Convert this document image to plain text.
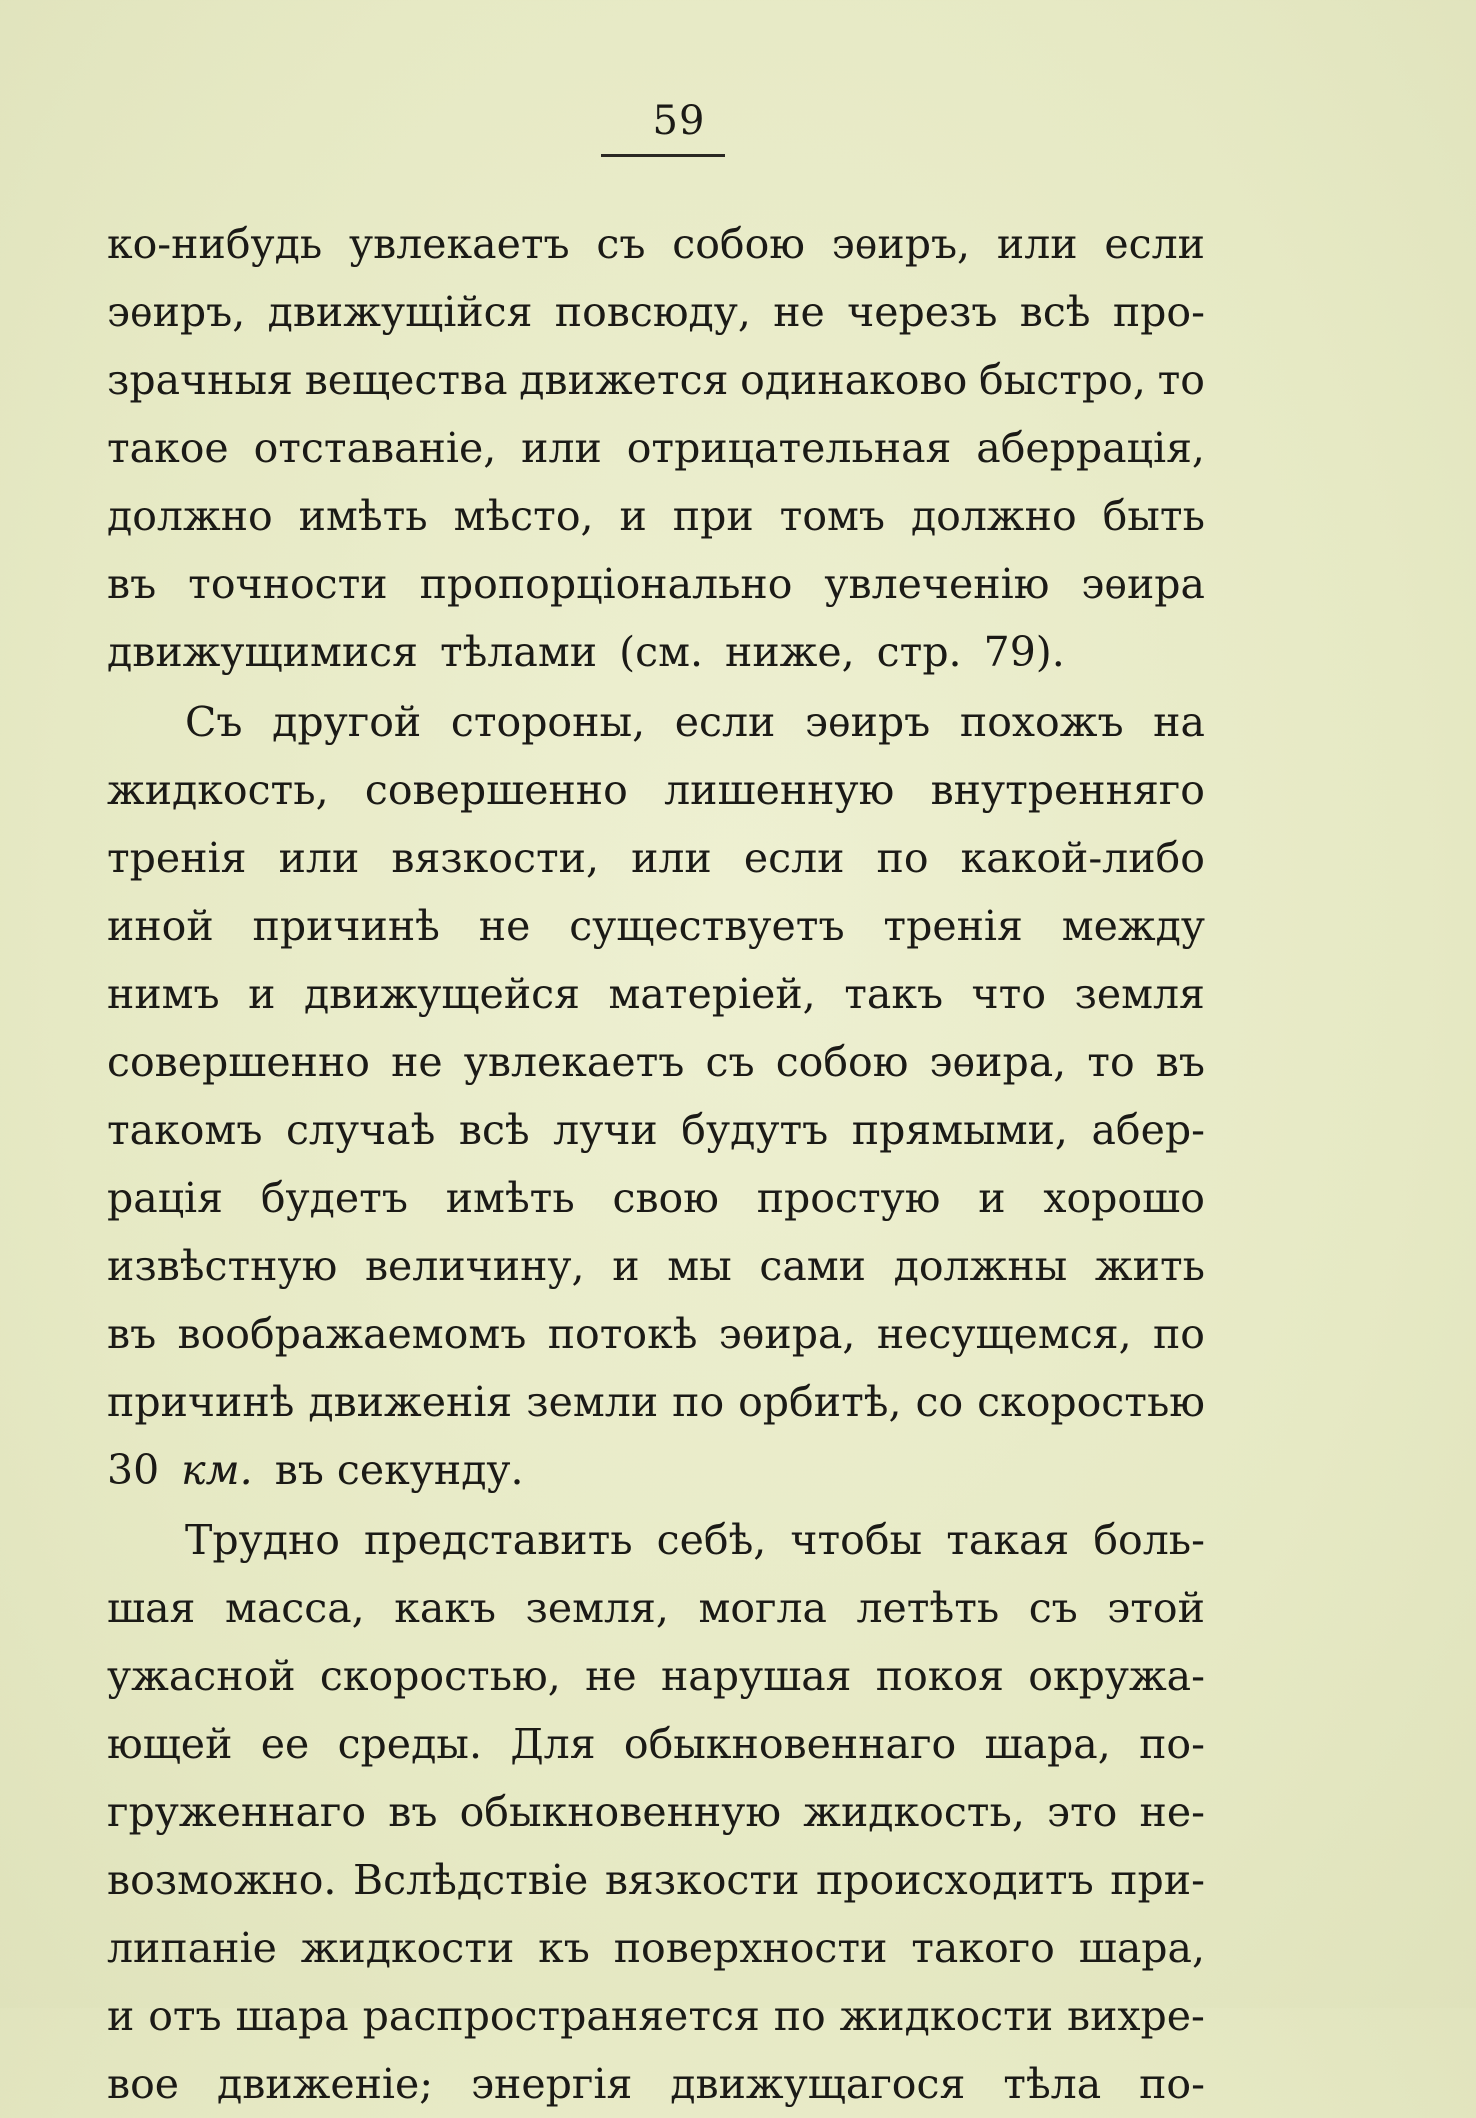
59
ко-нибудь увлекаетъ съ собою эѳиръ, или если
эѳиръ, движущійся повсюду, не черезъ всѣ про-
зрачныя вещества движется одинаково быстро, то
такое отставаніе, или отрицательная аберрація,
должно имѣть мѣсто, и при томъ должно быть
въ точности пропорціонально увлеченію эѳира
движущимися тѣлами (см. ниже, стр. 79).
Съ другой стороны, если эѳиръ похожъ на
жидкость, совершенно лишенную внутренняго
тренія или вязкости, или если по какой-либо
иной причинѣ не существуетъ тренія между
нимъ и движущейся матеріей, такъ что земля
совершенно не увлекаетъ съ собою эѳира, то въ
такомъ случаѣ всѣ лучи будутъ прямыми, абер-
рація будетъ имѣть свою простую и хорошо
извѣстную величину, и мы сами должны жить
въ воображаемомъ потокѣ эѳира, несущемся, по
причинѣ движенія земли по орбитѣ, со скоростью
30 км. въ секунду.
Трудно представить себѣ, чтобы такая боль-
шая масса, какъ земля, могла летѣть съ этой
ужасной скоростью, не нарушая покоя окружа-
ющей ее среды. Для обыкновеннаго шара, по-
груженнаго въ обыкновенную жидкость, это не-
возможно. Вслѣдствіе вязкости происходитъ при-
липаніе жидкости къ поверхности такого шара,
и отъ шара распространяется по жидкости вихре-
вое движеніе; энергія движущагося тѣла по-
